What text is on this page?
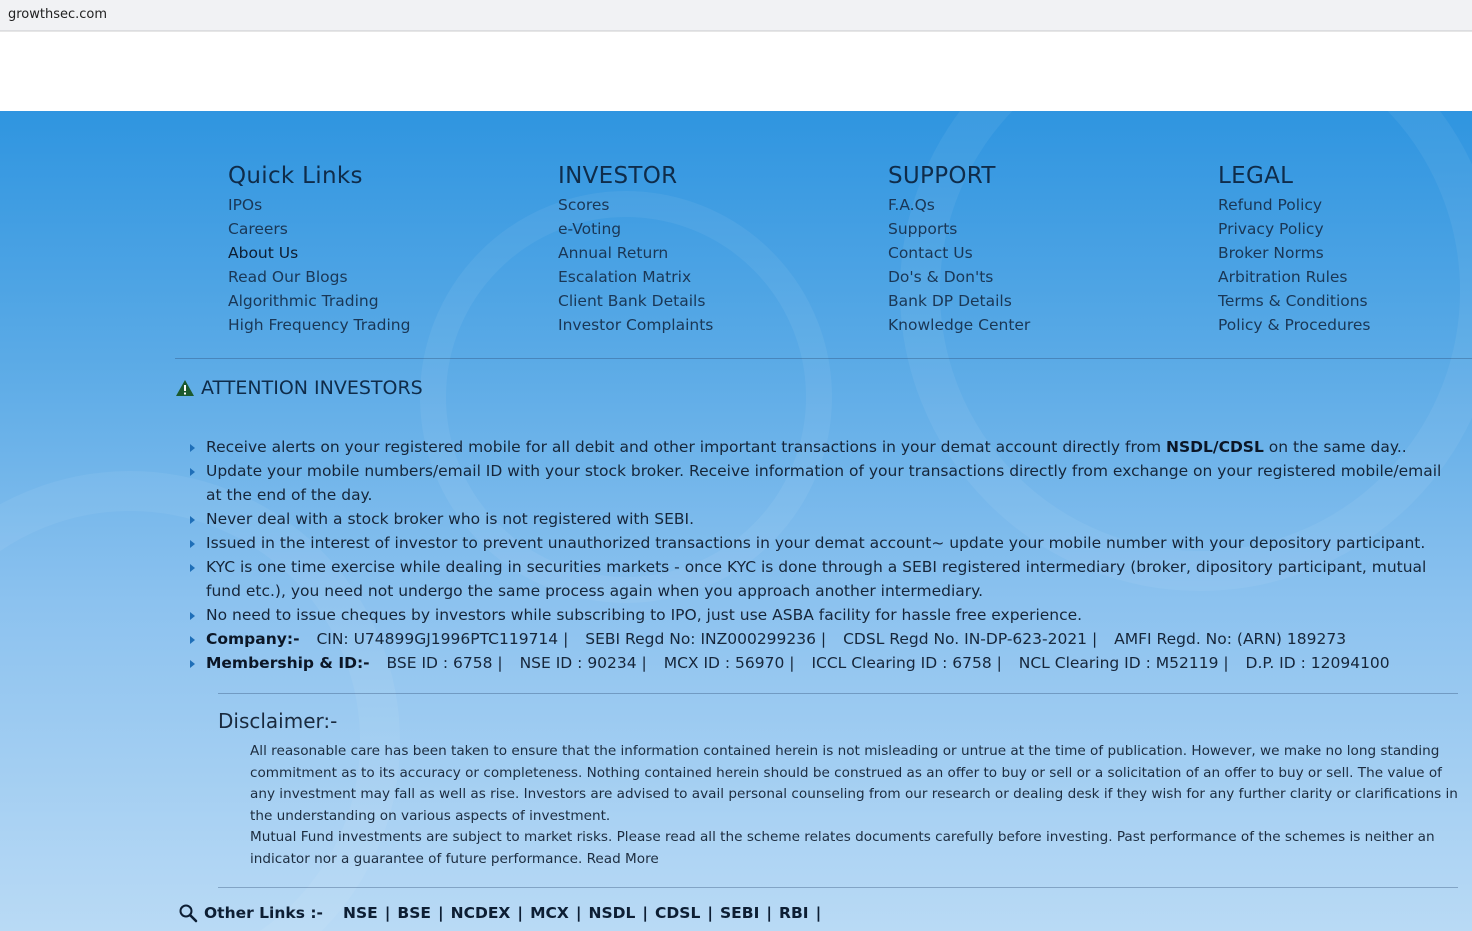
growthsec.com
Quick Links
IPOs
Careers
About Us
Read Our Blogs
Algorithmic Trading
High Frequency Trading
INVESTOR
Scores
e-Voting
Annual Return
Escalation Matrix
Client Bank Details
Investor Complaints
SUPPORT
F.A.Qs
Supports
Contact Us
Do's & Don'ts
Bank DP Details
Knowledge Center
LEGAL
Refund Policy
Privacy Policy
Broker Norms
Arbitration Rules
Terms & Conditions
Policy & Procedures
ATTENTION INVESTORS
Receive alerts on your registered mobile for all debit and other important transactions in your demat account directly from NSDL/CDSL on the same day..
Update your mobile numbers/email ID with your stock broker. Receive information of your transactions directly from exchange on your registered mobile/email at the end of the day.
Never deal with a stock broker who is not registered with SEBI.
Issued in the interest of investor to prevent unauthorized transactions in your demat account~ update your mobile number with your depository participant.
KYC is one time exercise while dealing in securities markets - once KYC is done through a SEBI registered intermediary (broker, dipository participant, mutual fund etc.), you need not undergo the same process again when you approach another intermediary.
No need to issue cheques by investors while subscribing to IPO, just use ASBA facility for hassle free experience.
Company:- CIN: U74899GJ1996PTC119714 | SEBI Regd No: INZ000299236 | CDSL Regd No. IN-DP-623-2021 | AMFI Regd. No: (ARN) 189273
Membership & ID:- BSE ID : 6758 | NSE ID : 90234 | MCX ID : 56970 | ICCL Clearing ID : 6758 | NCL Clearing ID : M52119 | D.P. ID : 12094100
Disclaimer:-

All reasonable care has been taken to ensure that the information contained herein is not misleading or untrue at the time of publication. However, we make no long standing commitment as to its accuracy or completeness. Nothing contained herein should be construed as an offer to buy or sell or a solicitation of an offer to buy or sell. The value of any investment may fall as well as rise. Investors are advised to avail personal counseling from our research or dealing desk if they wish for any further clarity or clarifications in the understanding on various aspects of investment.

Mutual Fund investments are subject to market risks. Please read all the scheme relates documents carefully before investing. Past performance of the schemes is neither an indicator nor a guarantee of future performance. Read More

Other Links :- NSE | BSE | NCDEX | MCX | NSDL | CDSL | SEBI | RBI |
